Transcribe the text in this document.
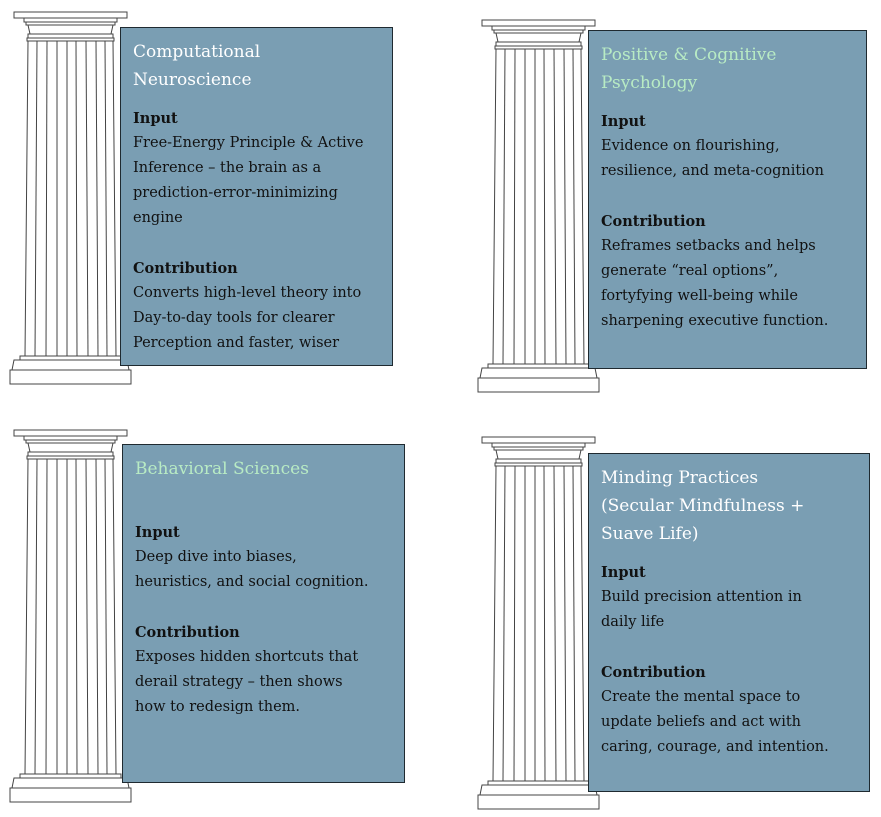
Computational
Neuroscience

Input

Free-Energy Principle & Active
Inference – the brain as a
prediction-error-minimizing
engine

Contribution

Converts high-level theory into
Day-to-day tools for clearer
Perception and faster, wiser

Positive & Cognitive
Psychology

Input

Evidence on flourishing,
resilience, and meta-cognition

Contribution

Reframes setbacks and helps
generate “real options”,
fortyfying well-being while
sharpening executive function.

Behavioral Sciences

Input

Deep dive into biases,
heuristics, and social cognition.

Contribution

Exposes hidden shortcuts that
derail strategy – then shows
how to redesign them.

Minding Practices
(Secular Mindfulness +
Suave Life)

Input

Build precision attention in
daily life

Contribution

Create the mental space to
update beliefs and act with
caring, courage, and intention.
